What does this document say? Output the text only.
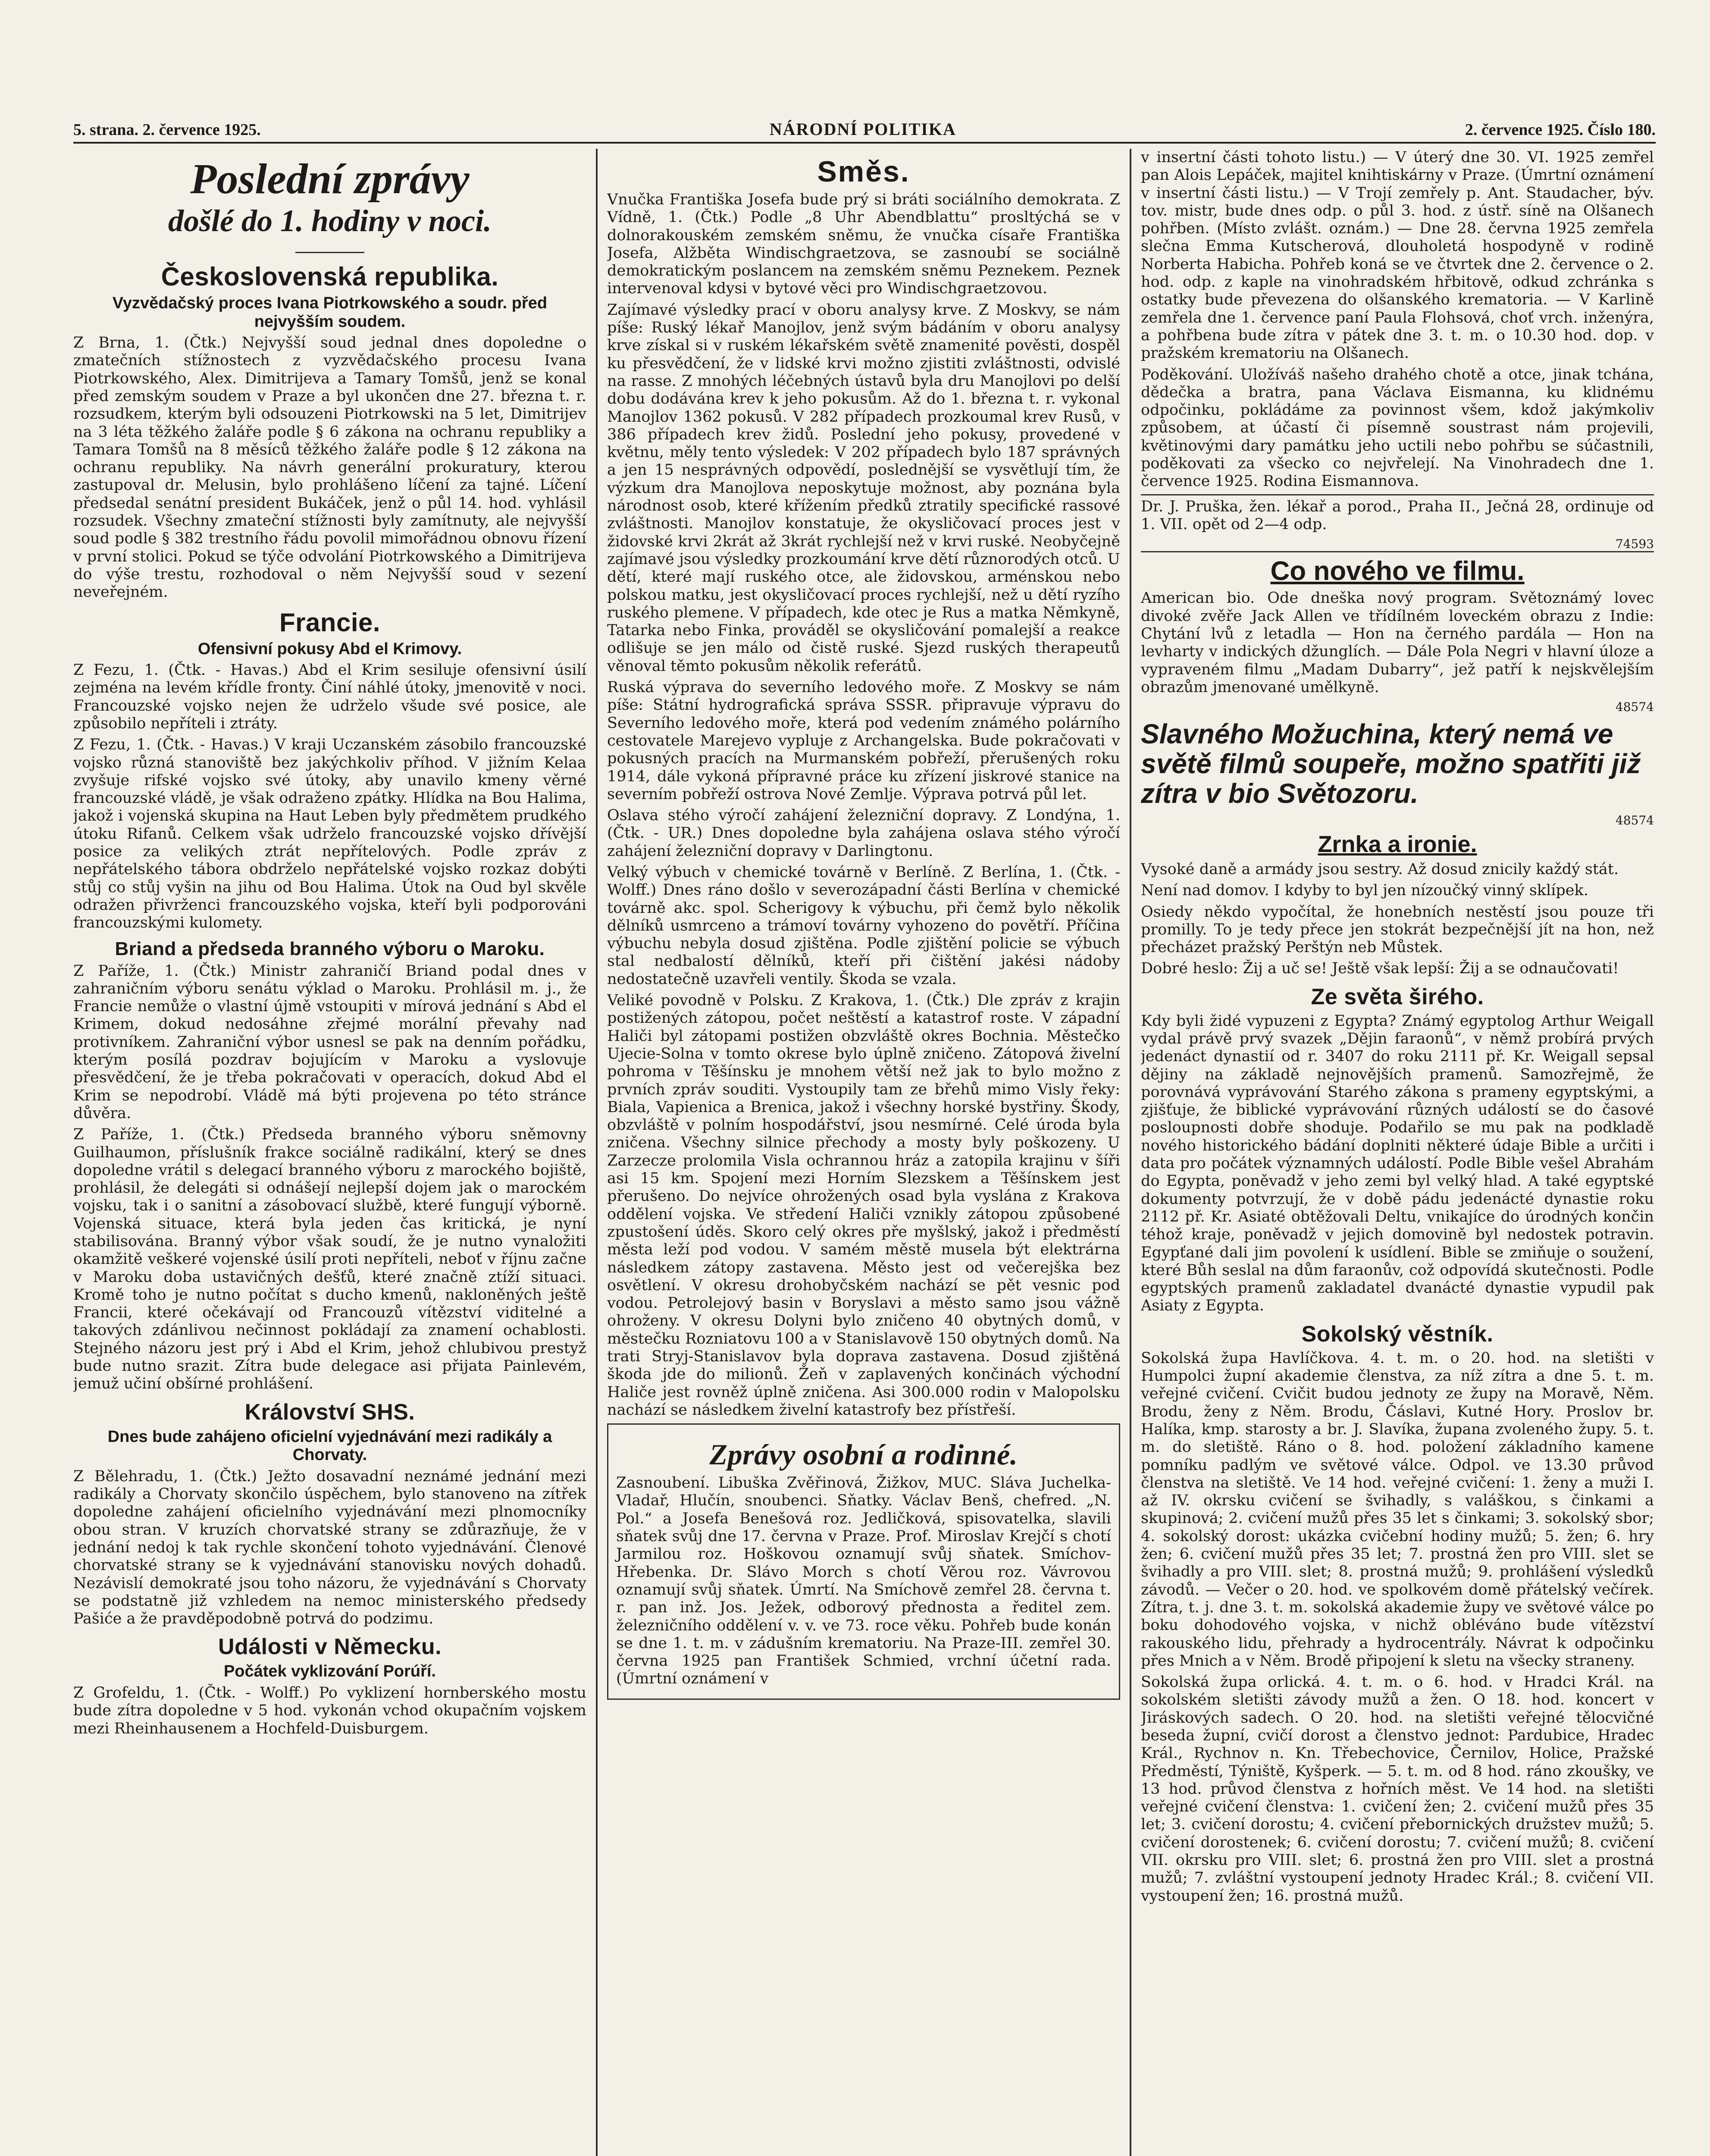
5. strana. 2. července 1925.	NÁRODNÍ POLITIKA	2. července 1925. Číslo 180.
Poslední zprávy
došlé do 1. hodiny v noci.
Československá republika.
Vyzvědačský proces Ivana Piotrkowského a soudr. před nejvyšším soudem.

Z Brna, 1. (Čtk.) Nejvyšší soud jednal dnes dopoledne o zmatečních stížnostech z vyzvědačského procesu Ivana Piotrkowského, Alex. Dimitrijeva a Tamary Tomšů, jenž se konal před zemským soudem v Praze a byl ukončen dne 27. března t. r. rozsudkem, kterým byli odsouzeni Piotrkowski na 5 let, Dimitrijev na 3 léta těžkého žaláře podle § 6 zákona na ochranu republiky a Tamara Tomšů na 8 měsíců těžkého žaláře podle § 12 zákona na ochranu republiky. Na návrh generální prokuratury, kterou zastupoval dr. Melusin, bylo prohlášeno líčení za tajné. Líčení předsedal senátní president Bukáček, jenž o půl 14. hod. vyhlásil rozsudek. Všechny zmateční stížnosti byly zamítnuty, ale nejvyšší soud podle § 382 trestního řádu povolil mimořádnou obnovu řízení v první stolici. Pokud se týče odvolání Piotrkowského a Dimitrijeva do výše trestu, rozhodoval o něm Nejvyšší soud v sezení neveřejném.

Francie.
Ofensivní pokusy Abd el Krimovy.

Z Fezu, 1. (Čtk. - Havas.) Abd el Krim sesiluje ofensivní úsilí zejména na levém křídle fronty. Činí náhlé útoky, jmenovitě v noci. Francouzské vojsko nejen že udrželo všude své posice, ale způsobilo nepříteli i ztráty.

Z Fezu, 1. (Čtk. - Havas.) V kraji Uczanském zásobilo francouzské vojsko různá stanoviště bez jakýchkoliv příhod. V jižním Kelaa zvyšuje rifské vojsko své útoky, aby unavilo kmeny věrné francouzské vládě, je však odraženo zpátky. Hlídka na Bou Halima, jakož i vojenská skupina na Haut Leben byly předmětem prudkého útoku Rifanů. Celkem však udrželo francouzské vojsko dřívější posice za velikých ztrát nepřítelových. Podle zpráv z nepřátelského tábora obdrželo nepřátelské vojsko rozkaz dobýti stůj co stůj vyšin na jihu od Bou Halima. Útok na Oud byl skvěle odražen přivrženci francouzského vojska, kteří byli podporováni francouzskými kulomety.

Briand a předseda branného výboru o Maroku.

Z Paříže, 1. (Čtk.) Ministr zahraničí Briand podal dnes v zahraničním výboru senátu výklad o Maroku. Prohlásil m. j., že Francie nemůže o vlastní újmě vstoupiti v mírová jednání s Abd el Krimem, dokud nedosáhne zřejmé morální převahy nad protivníkem. Zahraniční výbor usnesl se pak na denním pořádku, kterým posílá pozdrav bojujícím v Maroku a vyslovuje přesvědčení, že je třeba pokračovati v operacích, dokud Abd el Krim se nepodrobí. Vládě má býti projevena po této stránce důvěra.

Z Paříže, 1. (Čtk.) Předseda branného výboru sněmovny Guilhaumon, příslušník frakce sociálně radikální, který se dnes dopoledne vrátil s delegací branného výboru z marockého bojiště, prohlásil, že delegáti si odnášejí nejlepší dojem jak o marockém vojsku, tak i o sanitní a zásobovací službě, které fungují výborně. Vojenská situace, která byla jeden čas kritická, je nyní stabilisována. Branný výbor však soudí, že je nutno vynaložiti okamžitě veškeré vojenské úsilí proti nepříteli, neboť v říjnu začne v Maroku doba ustavičných dešťů, které značně ztíží situaci. Kromě toho je nutno počítat s ducho kmenů, nakloněných ještě Francii, které očekávají od Francouzů vítězství viditelné a takových zdánlivou nečinnost pokládají za znamení ochablosti. Stejného názoru jest prý i Abd el Krim, jehož chlubivou prestyž bude nutno srazit. Zítra bude delegace asi přijata Painlevém, jemuž učiní obšírné prohlášení.

Království SHS.
Dnes bude zahájeno oficielní vyjednávání mezi radikály a Chorvaty.

Z Bělehradu, 1. (Čtk.) Ježto dosavadní neznámé jednání mezi radikály a Chorvaty skončilo úspěchem, bylo stanoveno na zítřek dopoledne zahájení oficielního vyjednávání mezi plnomocníky obou stran. V kruzích chorvatské strany se zdůrazňuje, že v jednání nedoj k tak rychle skončení tohoto vyjednávání. Členové chorvatské strany se k vyjednávání stanovisku nových dohadů. Nezávislí demokraté jsou toho názoru, že vyjednávání s Chorvaty se podstatně již vzhledem na nemoc ministerského předsedy Pašiće a že pravděpodobně potrvá do podzimu.

Události v Německu.
Počátek vyklizování Porúří.

Z Grofeldu, 1. (Čtk. - Wolff.) Po vyklizení hornberského mostu bude zítra dopoledne v 5 hod. vykonán vchod okupačním vojskem mezi Rheinhausenem a Hochfeld-Duisburgem.

Směs.

Vnučka Františka Josefa bude prý si bráti sociálního demokrata. Z Vídně, 1. (Čtk.) Podle „8 Uhr Abendblattu“ prosltýchá se v dolnorakouském zemském sněmu, že vnučka císaře Františka Josefa, Alžběta Windischgraetzova, se zasnoubí se sociálně demokratickým poslancem na zemském sněmu Peznekem. Peznek intervenoval kdysi v bytové věci pro Windischgraetzovou.

Zajímavé výsledky prací v oboru analysy krve. Z Moskvy, se nám píše: Ruský lékař Manojlov, jenž svým bádáním v oboru analysy krve získal si v ruském lékařském světě znamenité pověsti, dospěl ku přesvědčení, že v lidské krvi možno zjistiti zvláštnosti, odvislé na rasse. Z mnohých léčebných ústavů byla dru Manojlovi po delší dobu dodávána krev k jeho pokusům. Až do 1. března t. r. vykonal Manojlov 1362 pokusů. V 282 případech prozkoumal krev Rusů, v 386 případech krev židů. Poslední jeho pokusy, provedené v květnu, měly tento výsledek: V 202 případech bylo 187 správných a jen 15 nesprávných odpovědí, poslednější se vysvětlují tím, že výzkum dra Manojlova neposkytuje možnost, aby poznána byla národnost osob, které křížením předků ztratily specifické rassové zvláštnosti. Manojlov konstatuje, že okysličovací proces jest v židovské krvi 2krát až 3krát rychlejší než v krvi ruské. Neobyčejně zajímavé jsou výsledky prozkoumání krve dětí různorodých otců. U dětí, které mají ruského otce, ale židovskou, arménskou nebo polskou matku, jest okysličovací proces rychlejší, než u dětí ryzího ruského plemene. V případech, kde otec je Rus a matka Němkyně, Tatarka nebo Finka, prováděl se okysličování pomalejší a reakce odlišuje se jen málo od čistě ruské. Sjezd ruských therapeutů věnoval těmto pokusům několik referátů.

Ruská výprava do severního ledového moře. Z Moskvy se nám píše: Státní hydrografická správa SSSR. připravuje výpravu do Severního ledového moře, která pod vedením známého polárního cestovatele Marejevo vypluje z Archangelska. Bude pokračovati v pokusných pracích na Murmanském pobřeží, přerušených roku 1914, dále vykoná přípravné práce ku zřízení jiskrové stanice na severním pobřeží ostrova Nové Zemlje. Výprava potrvá půl let.

Oslava stého výročí zahájení železniční dopravy. Z Londýna, 1. (Čtk. - UR.) Dnes dopoledne byla zahájena oslava stého výročí zahájení železniční dopravy v Darlingtonu.

Velký výbuch v chemické továrně v Berlíně. Z Berlína, 1. (Čtk. - Wolff.) Dnes ráno došlo v severozápadní části Berlína v chemické továrně akc. spol. Scherigovy k výbuchu, při čemž bylo několik dělníků usmrceno a trámoví továrny vyhozeno do povětří. Příčina výbuchu nebyla dosud zjištěna. Podle zjištění policie se výbuch stal nedbalostí dělníků, kteří při čištění jakési nádoby nedostatečně uzavřeli ventily. Škoda se vzala.

Veliké povodně v Polsku. Z Krakova, 1. (Čtk.) Dle zpráv z krajin postižených zátopou, počet neštěstí a katastrof roste. V západní Haliči byl zátopami postižen obzvláště okres Bochnia. Městečko Ujecie-Solna v tomto okrese bylo úplně zničeno. Zátopová živelní pohroma v Těšínsku je mnohem větší než jak to bylo možno z prvních zpráv souditi. Vystoupily tam ze břehů mimo Visly řeky: Biala, Vapienica a Brenica, jakož i všechny horské bystřiny. Škody, obzvláště v polním hospodářství, jsou nesmírné. Celé úroda byla zničena. Všechny silnice přechody a mosty byly poškozeny. U Zarzecze prolomila Visla ochrannou hráz a zatopila krajinu v šíři asi 15 km. Spojení mezi Horním Slezskem a Těšínskem jest přerušeno. Do nejvíce ohrožených osad byla vyslána z Krakova oddělení vojska. Ve středení Haliči vznikly zátopou způsobené zpustošení úděs. Skoro celý okres pře myšlský, jakož i předměstí města leží pod vodou. V samém městě musela být elektrárna následkem zátopy zastavena. Město jest od večerejška bez osvětlení. V okresu drohobyčském nachází se pět vesnic pod vodou. Petrolejový basin v Boryslavi a město samo jsou vážně ohroženy. V okresu Dolyni bylo zničeno 40 obytných domů, v městečku Rozniatovu 100 a v Stanislavově 150 obytných domů. Na trati Stryj-Stanislavov byla doprava zastavena. Dosud zjištěná škoda jde do milionů. Žeň v zaplavených končinách východní Haliče jest rovněž úplně zničena. Asi 300.000 rodin v Malopolsku nachází se následkem živelní katastrofy bez přístřeší.

Zprávy osobní a rodinné.

Zasnoubení. Libuška Zvěřinová, Žižkov, MUC. Sláva Juchelka-Vladař, Hlučín, snoubenci. Sňatky. Václav Benš, chefred. „N. Pol.“ a Josefa Benešová roz. Jedličková, spisovatelka, slavili sňatek svůj dne 17. června v Praze. Prof. Miroslav Krejčí s chotí Jarmilou roz. Hoškovou oznamují svůj sňatek. Smíchov-Hřebenka. Dr. Slávo Morch s chotí Věrou roz. Vávrovou oznamují svůj sňatek. Úmrtí. Na Smíchově zemřel 28. června t. r. pan inž. Jos. Ježek, odborový přednosta a ředitel zem. železničního oddělení v. v. ve 73. roce věku. Pohřeb bude konán se dne 1. t. m. v zádušním krematoriu. Na Praze-III. zemřel 30. června 1925 pan František Schmied, vrchní účetní rada. (Úmrtní oznámení v

v insertní části tohoto listu.) — V úterý dne 30. VI. 1925 zemřel pan Alois Lepáček, majitel knihtiskárny v Praze. (Úmrtní oznámení v insertní části listu.) — V Trojí zemřely p. Ant. Staudacher, býv. tov. mistr, bude dnes odp. o půl 3. hod. z ústř. síně na Olšanech pohřben. (Místo zvlášt. oznám.) — Dne 28. června 1925 zemřela slečna Emma Kutscherová, dlouholetá hospodyně v rodině Norberta Habicha. Pohřeb koná se ve čtvrtek dne 2. července o 2. hod. odp. z kaple na vinohradském hřbitově, odkud zchránka s ostatky bude převezena do olšanského krematoria. — V Karlině zemřela dne 1. července paní Paula Flohsová, choť vrch. inženýra, a pohřbena bude zítra v pátek dne 3. t. m. o 10.30 hod. dop. v pražském krematoriu na Olšanech.

Poděkování. Uložíváš našeho drahého chotě a otce, jinak tchána, dědečka a bratra, pana Václava Eismanna, ku klidnému odpočinku, pokládáme za povinnost všem, kdož jakýmkoliv způsobem, at účastí či písemně soustrast nám projevili, květinovými dary památku jeho uctili nebo pohřbu se súčastnili, poděkovati za všecko co nejvřelejí. Na Vinohradech dne 1. července 1925. Rodina Eismannova.

Dr. J. Pruška, žen. lékař a porod., Praha II., Ječná 28, ordinuje od 1. VII. opět od 2—4 odp.

74593
Co nového ve filmu.

American bio. Ode dneška nový program. Světoznámý lovec divoké zvěře Jack Allen ve třídílném loveckém obrazu z Indie: Chytání lvů z letadla — Hon na černého pardála — Hon na levharty v indických džunglích. — Dále Pola Negri v hlavní úloze a vypraveném filmu „Madam Dubarry“, jež patří k nejskvělejším obrazům jmenované umělkyně.

48574
Slavného Možuchina, který nemá ve světě filmů soupeře, možno spatřiti již zítra v bio Světozoru.
48574
Zrnka a ironie.

Vysoké daně a armády jsou sestry. Až dosud znicily každý stát.

Není nad domov. I kdyby to byl jen nízoučký vinný sklípek.

Osiedy někdo vypočítal, že honebních nestěstí jsou pouze tři promilly. To je tedy přece jen stokrát bezpečnější jít na hon, než přecházet pražský Perštýn neb Můstek.

Dobré heslo: Žij a uč se! Ještě však lepší: Žij a se odnaučovati!

Ze světa širého.

Kdy byli židé vypuzeni z Egypta? Známý egyptolog Arthur Weigall vydal právě prvý svazek „Dějin faraonů“, v němž probírá prvých jedenáct dynastií od r. 3407 do roku 2111 př. Kr. Weigall sepsal dějiny na základě nejnovějších pramenů. Samozřejmě, že porovnává vyprávování Starého zákona s prameny egyptskými, a zjišťuje, že biblické vyprávování různých událostí se do časové posloupnosti dobře shoduje. Podařilo se mu pak na podkladě nového historického bádání doplniti některé údaje Bible a určiti i data pro počátek významných událostí. Podle Bible vešel Abrahám do Egypta, poněvadž v jeho zemi byl velký hlad. A také egyptské dokumenty potvrzují, že v době pádu jedenácté dynastie roku 2112 př. Kr. Asiaté obtěžovali Deltu, vnikajíce do úrodných končin téhož kraje, poněvadž v jejich domovině byl nedostek potravin. Egypťané dali jim povolení k usídlení. Bible se zmiňuje o soužení, které Bůh seslal na dům faraonův, což odpovídá skutečnosti. Podle egyptských pramenů zakladatel dvanácté dynastie vypudil pak Asiaty z Egypta.

Sokolský věstník.

Sokolská župa Havlíčkova. 4. t. m. o 20. hod. na sletišti v Humpolci župní akademie členstva, za níž zítra a dne 5. t. m. veřejné cvičení. Cvičit budou jednoty ze župy na Moravě, Něm. Brodu, ženy z Něm. Brodu, Čáslavi, Kutné Hory. Proslov br. Halíka, kmp. starosty a br. J. Slavíka, župana zvoleného župy. 5. t. m. do sletiště. Ráno o 8. hod. položení základního kamene pomníku padlým ve světové válce. Odpol. ve 13.30 průvod členstva na sletiště. Ve 14 hod. veřejné cvičení: 1. ženy a muži I. až IV. okrsku cvičení se švihadly, s valáškou, s činkami a skupinová; 2. cvičení mužů přes 35 let s činkami; 3. sokolský sbor; 4. sokolský dorost: ukázka cvičební hodiny mužů; 5. žen; 6. hry žen; 6. cvičení mužů přes 35 let; 7. prostná žen pro VIII. slet se švihadly a pro VIII. slet; 8. prostná mužů; 9. prohlášení výsledků závodů. — Večer o 20. hod. ve spolkovém domě přátelský večírek. Zítra, t. j. dne 3. t. m. sokolská akademie župy ve světové válce po boku dohodového vojska, v nichž obléváno bude vítězství rakouského lidu, přehrady a hydrocentrály. Návrat k odpočinku přes Mnich a v Něm. Brodě připojení k sletu na všecky straneny.

Sokolská župa orlická. 4. t. m. o 6. hod. v Hradci Král. na sokolském sletišti závody mužů a žen. O 18. hod. koncert v Jiráskových sadech. O 20. hod. na sletišti veřejné tělocvičné beseda župní, cvičí dorost a členstvo jednot: Pardubice, Hradec Král., Rychnov n. Kn. Třebechovice, Černilov, Holice, Pražské Předměstí, Týniště, Kyšperk. — 5. t. m. od 8 hod. ráno zkoušky, ve 13 hod. průvod členstva z hořních měst. Ve 14 hod. na sletišti veřejné cvičení členstva: 1. cvičení žen; 2. cvičení mužů přes 35 let; 3. cvičení dorostu; 4. cvičení přebornických družstev mužů; 5. cvičení dorostenek; 6. cvičení dorostu; 7. cvičení mužů; 8. cvičení VII. okrsku pro VIII. slet; 6. prostná žen pro VIII. slet a prostná mužů; 7. zvláštní vystoupení jednoty Hradec Král.; 8. cvičení VII. vystoupení žen; 16. prostná mužů.
